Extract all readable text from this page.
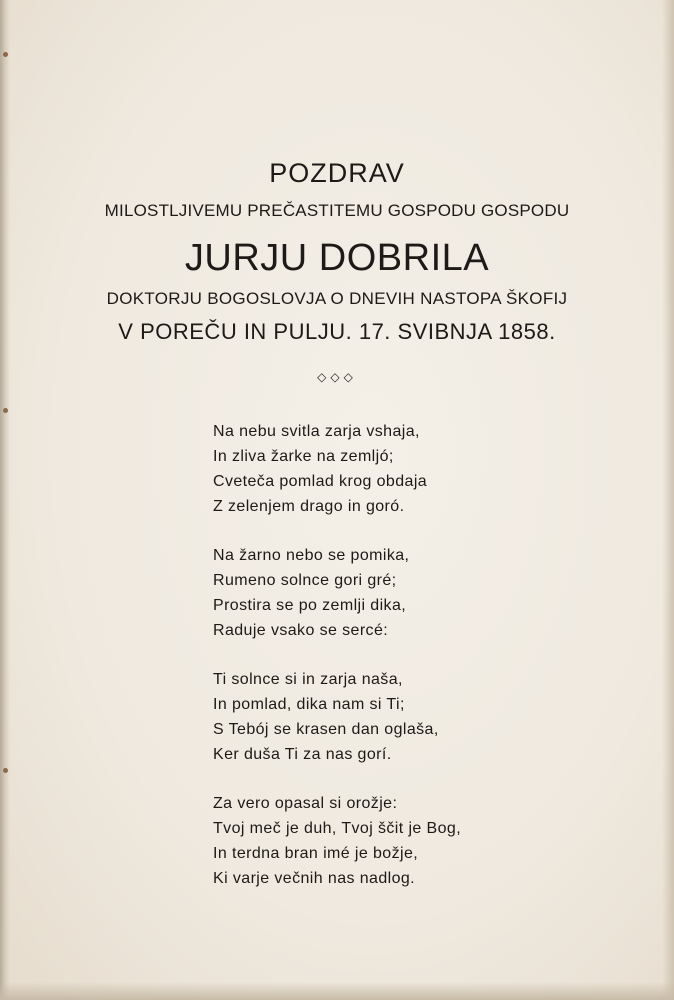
POZDRAV
MILOSTLJIVEMU PREČASTITEMU GOSPODU GOSPODU
JURJU DOBRILA
DOKTORJU BOGOSLOVJA O DNEVIH NASTOPA ŠKOFIJ
V POREČU IN PULJU. 17. SVIBNJA 1858.
◇◇◇
Na nebu svitla zarja vshaja,
In zliva žarke na zemljó;
Cveteča pomlad krog obdaja
Z zelenjem drago in goró.
Na žarno nebo se pomika,
Rumeno solnce gori gré;
Prostira se po zemlji dika,
Raduje vsako se sercé:
Ti solnce si in zarja naša,
In pomlad, dika nam si Ti;
S Tebój se krasen dan oglaša,
Ker duša Ti za nas gorí.
Za vero opasal si orožje:
Tvoj meč je duh, Tvoj ščit je Bog,
In terdna bran imé je božje,
Ki varje večnih nas nadlog.
